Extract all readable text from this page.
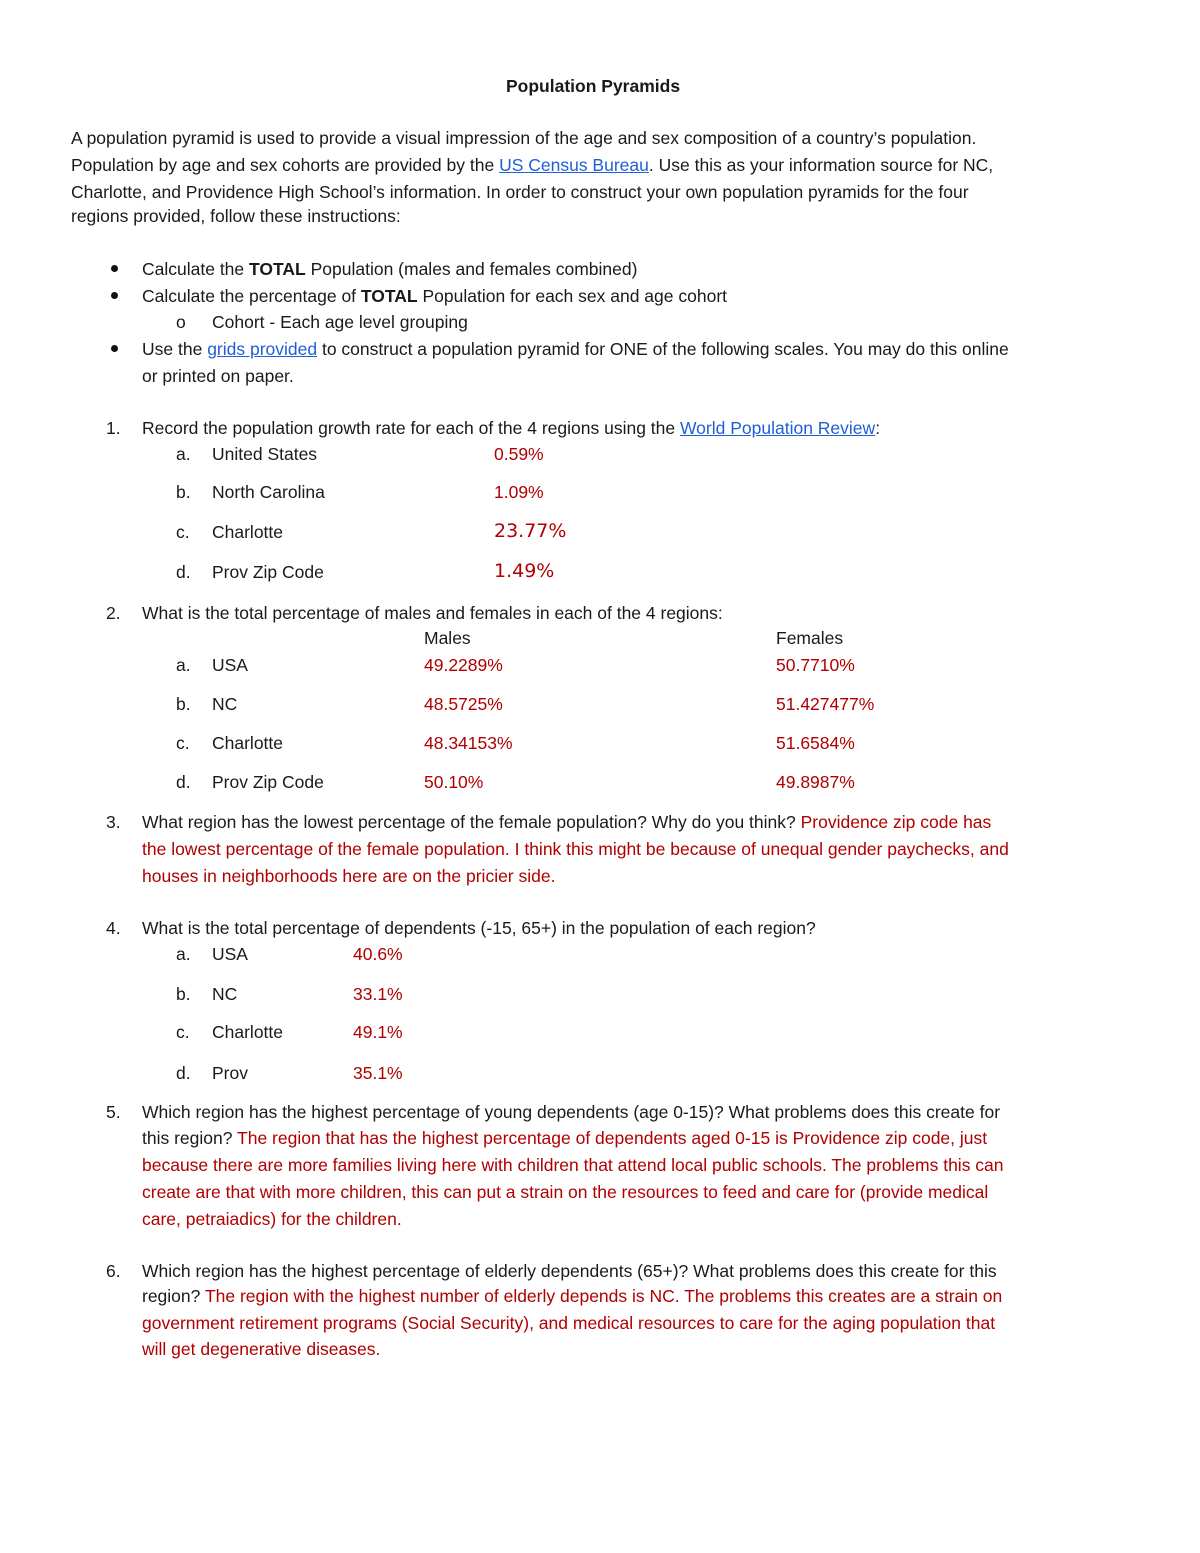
Population Pyramids
A population pyramid is used to provide a visual impression of the age and sex composition of a country’s population.
Population by age and sex cohorts are provided by the US Census Bureau. Use this as your information source for NC,
Charlotte, and Providence High School’s information. In order to construct your own population pyramids for the four
regions provided, follow these instructions:
Calculate the TOTAL Population (males and females combined)
Calculate the percentage of TOTAL Population for each sex and age cohort
o Cohort - Each age level grouping
Use the grids provided to construct a population pyramid for ONE of the following scales. You may do this online
or printed on paper.
1. Record the population growth rate for each of the 4 regions using the World Population Review:
a. United States	0.59%
b. North Carolina	1.09%
c. Charlotte	23.77%
d. Prov Zip Code	1.49%
2. What is the total percentage of males and females in each of the 4 regions:
Males	Females
a. USA	49.2289%	50.7710%
b. NC	48.5725%	51.427477%
c. Charlotte	48.34153%	51.6584%
d. Prov Zip Code	50.10%	49.8987%
3. What region has the lowest percentage of the female population? Why do you think? Providence zip code has
the lowest percentage of the female population. I think this might be because of unequal gender paychecks, and
houses in neighborhoods here are on the pricier side.
4. What is the total percentage of dependents (-15, 65+) in the population of each region?
a. USA	40.6%
b. NC	33.1%
c. Charlotte	49.1%
d. Prov	35.1%
5. Which region has the highest percentage of young dependents (age 0-15)? What problems does this create for
this region? The region that has the highest percentage of dependents aged 0-15 is Providence zip code, just
because there are more families living here with children that attend local public schools. The problems this can
create are that with more children, this can put a strain on the resources to feed and care for (provide medical
care, petraiadics) for the children.
6. Which region has the highest percentage of elderly dependents (65+)? What problems does this create for this
region? The region with the highest number of elderly depends is NC. The problems this creates are a strain on
government retirement programs (Social Security), and medical resources to care for the aging population that
will get degenerative diseases.
